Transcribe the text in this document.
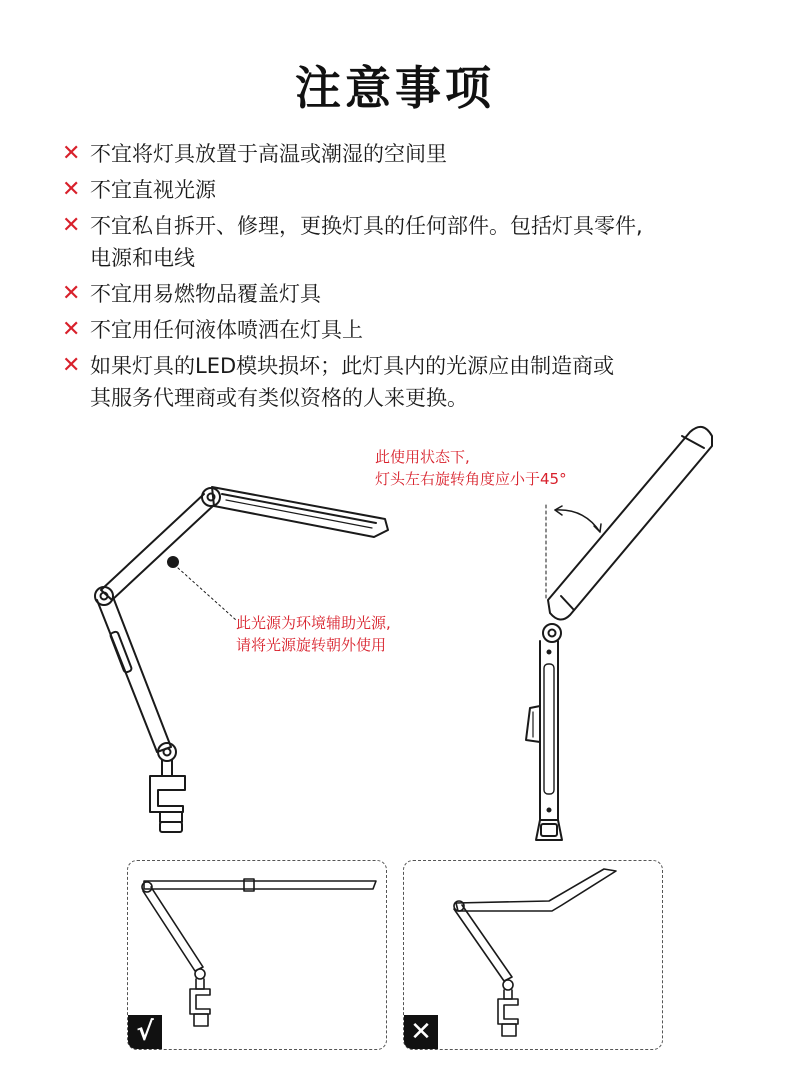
注意事项
✕ 不宜将灯具放置于高温或潮湿的空间里
✕ 不宜直视光源
✕ 不宜私自拆开、修理，更换灯具的任何部件。包括灯具零件,
电源和电线
✕ 不宜用易燃物品覆盖灯具
✕ 不宜用任何液体喷洒在灯具上
✕ 如果灯具的LED模块损坏；此灯具内的光源应由制造商或
其服务代理商或有类似资格的人来更换。
此光源为环境辅助光源,
请将光源旋转朝外使用
此使用状态下,
灯头左右旋转角度应小于45°
√	✕
